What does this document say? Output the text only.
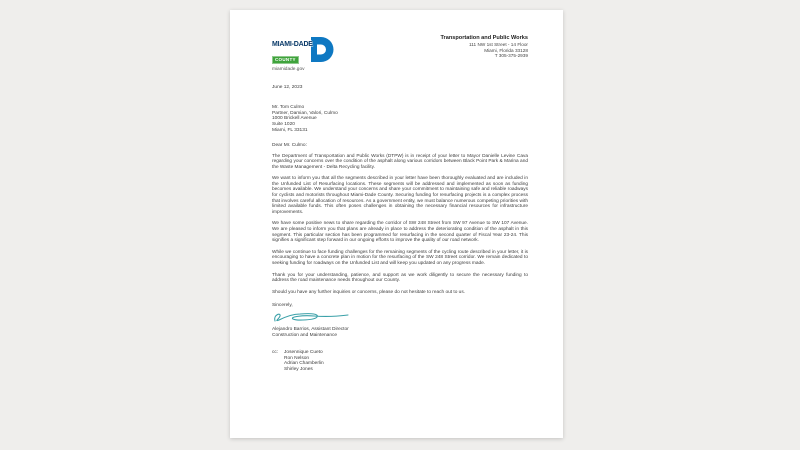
MIAMI-DADE
COUNTY
miamidade.gov
Transportation and Public Works
111 NW 1st Street - 14 Floor
Miami, Florida 33128
T 305-375-2939
June 12, 2023
Mr. Tom Culmo
Partner, Damian, Valori, Culmo
1000 Brickell Avenue
Suite 1020
Miami, FL 33131
Dear Mr. Culmo:

The Department of Transportation and Public Works (DTPW) is in receipt of your letter to Mayor Danielle Levine Cava regarding your concerns over the condition of the asphalt along various corridors between Black Point Park & Marina and the Waste Management - Delta Recycling facility.

We want to inform you that all the segments described in your letter have been thoroughly evaluated and are included in the Unfunded List of Resurfacing locations. These segments will be addressed and implemented as soon as funding becomes available. We understand your concerns and share your commitment to maintaining safe and reliable roadways for cyclists and motorists throughout Miami-Dade County. Securing funding for resurfacing projects is a complex process that involves careful allocation of resources. As a government entity, we must balance numerous competing priorities with limited available funds. This often poses challenges in obtaining the necessary financial resources for infrastructure improvements.

We have some positive news to share regarding the corridor of SW 248 Street from SW 97 Avenue to SW 107 Avenue. We are pleased to inform you that plans are already in place to address the deteriorating condition of the asphalt in this segment. This particular section has been programmed for resurfacing in the second quarter of Fiscal Year 23-24. This signifies a significant step forward in our ongoing efforts to improve the quality of our road network.

While we continue to face funding challenges for the remaining segments of the cycling route described in your letter, it is encouraging to have a concrete plan in motion for the resurfacing of the SW 248 Street corridor. We remain dedicated to seeking funding for roadways on the Unfunded List and will keep you updated on any progress made.

Thank you for your understanding, patience, and support as we work diligently to secure the necessary funding to address the road maintenance needs throughout our County.

Should you have any further inquiries or concerns, please do not hesitate to reach out to us.

Sincerely,
Alejandro Barrios, Assistant Director
Construction and Maintenance
cc:	Josennique Cueto
Ron Nelson
Adrian Chamberlin
Shirley Jones
